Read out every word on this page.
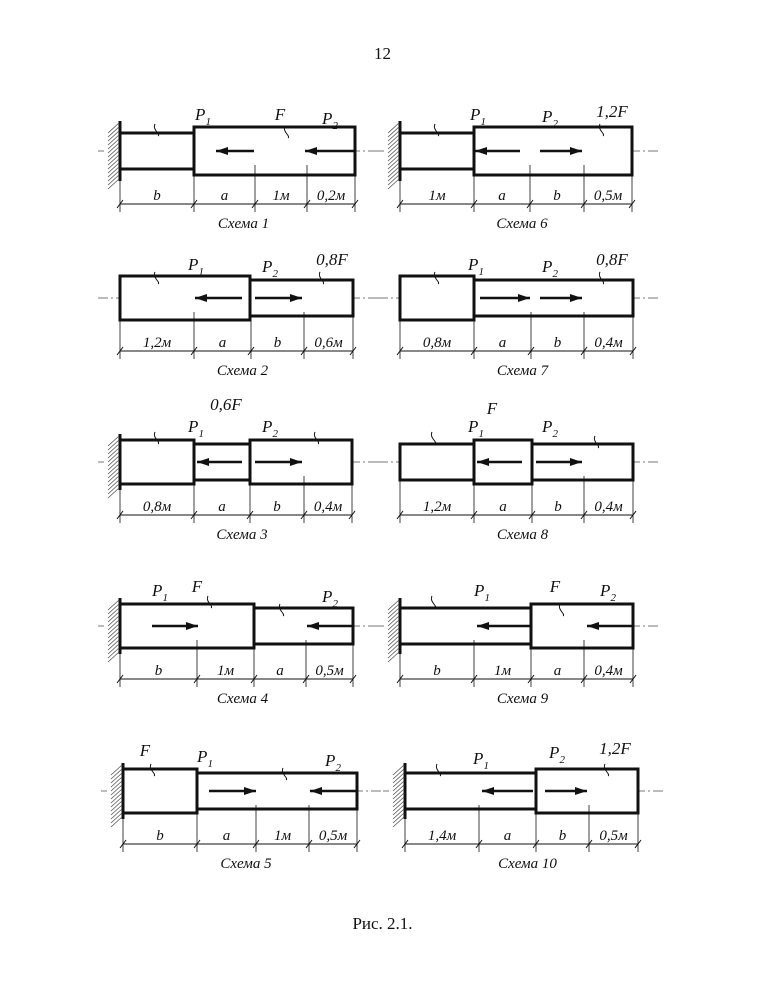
12
$P_1$	F $P_2$
b	a	1м 0,2м
Схема 1
$P_1$	$P_2$
0,8F
1,2м	a	b 0,6м
Схема 2
0,6F
$P_1$	$P_2$
0,8м	a	b 0,4м
Схема 3
$P_1$
F
$P_2$
b	1м	a 0,5м
Схема 4
F	$P_1$	$P_2$
b	a	1м 0,5м
Схема 5
$P_1$	$P_2$
1,2F
1м	a	b 0,5м
Схема 6
$P_1$	$P_2$
0,8F
0,8м	a	b 0,4м
Схема 7
F
$P_1$	$P_2$
1,2м	a	b 0,4м
Схема 8
$P_1$
F $P_2$
b	1м	a 0,4м
Схема 9
$P_1$
$P_2$
1,2F
1,4м	a	b 0,5м
Схема 10
Рис. 2.1.
